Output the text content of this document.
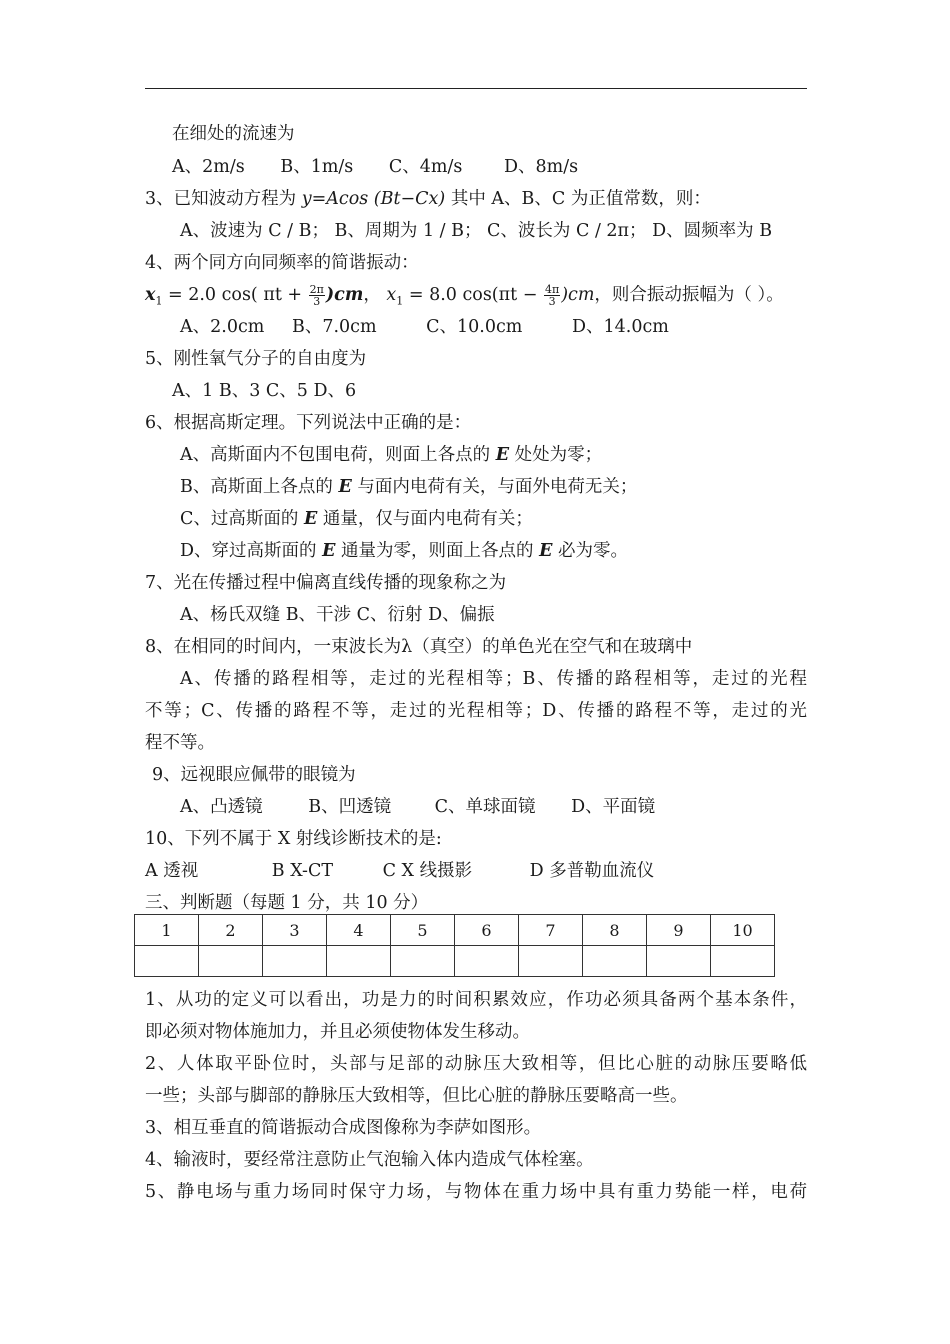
在细处的流速为
A、2m/s B、1m/s C、4m/s D、8m/s
3、已知波动方程为 y=Acos (Bt−Cx) 其中 A、B、C 为正值常数，则：
A、波速为 C / B； B、周期为 1 / B； C、波长为 C / 2π； D、圆频率为 B
4、两个同方向同频率的简谐振动：
$x_1 = 2.0$ cos( $\pi t + \frac{2\pi}{3} )cm$， $x_1 = 8.0$ $\cos(\pi t - \frac{4\pi}{3} )cm$，则合振动振幅为（ ）。
A、2.0cm B、7.0cm	C、10.0cm	D、14.0cm
5、刚性氧气分子的自由度为
A、1 B、3 C、5 D、6
6、根据高斯定理。下列说法中正确的是：
A、高斯面内不包围电荷，则面上各点的 E 处处为零；
B、高斯面上各点的 E 与面内电荷有关，与面外电荷无关；
C、过高斯面的 E 通量，仅与面内电荷有关；
D、穿过高斯面的 E 通量为零，则面上各点的 E 必为零。
7、光在传播过程中偏离直线传播的现象称之为
A、杨氏双缝 B、干涉 C、衍射 D、偏振
8、在相同的时间内，一束波长为λ（真空）的单色光在空气和在玻璃中
A、传播的路程相等，走过的光程相等；B、传播的路程相等，走过的光程
不等；C、传播的路程不等，走过的光程相等；D、传播的路程不等，走过的光
程不等。
9、远视眼应佩带的眼镜为
A、凸透镜	B、凹透镜 C、单球面镜 D、平面镜
10、下列不属于 X 射线诊断技术的是:
A 透视	B X-CT	C X 线摄影	D 多普勒血流仪
三、判断题（每题 1 分，共 10 分）
1	2	3	4	5	6	7	8	9	10

1、从功的定义可以看出，功是力的时间积累效应，作功必须具备两个基本条件，
即必须对物体施加力，并且必须使物体发生移动。
2、人体取平卧位时，头部与足部的动脉压大致相等，但比心脏的动脉压要略低
一些；头部与脚部的静脉压大致相等，但比心脏的静脉压要略高一些。
3、相互垂直的简谐振动合成图像称为李萨如图形。
4、输液时，要经常注意防止气泡输入体内造成气体栓塞。
5、静电场与重力场同时保守力场，与物体在重力场中具有重力势能一样，电荷
